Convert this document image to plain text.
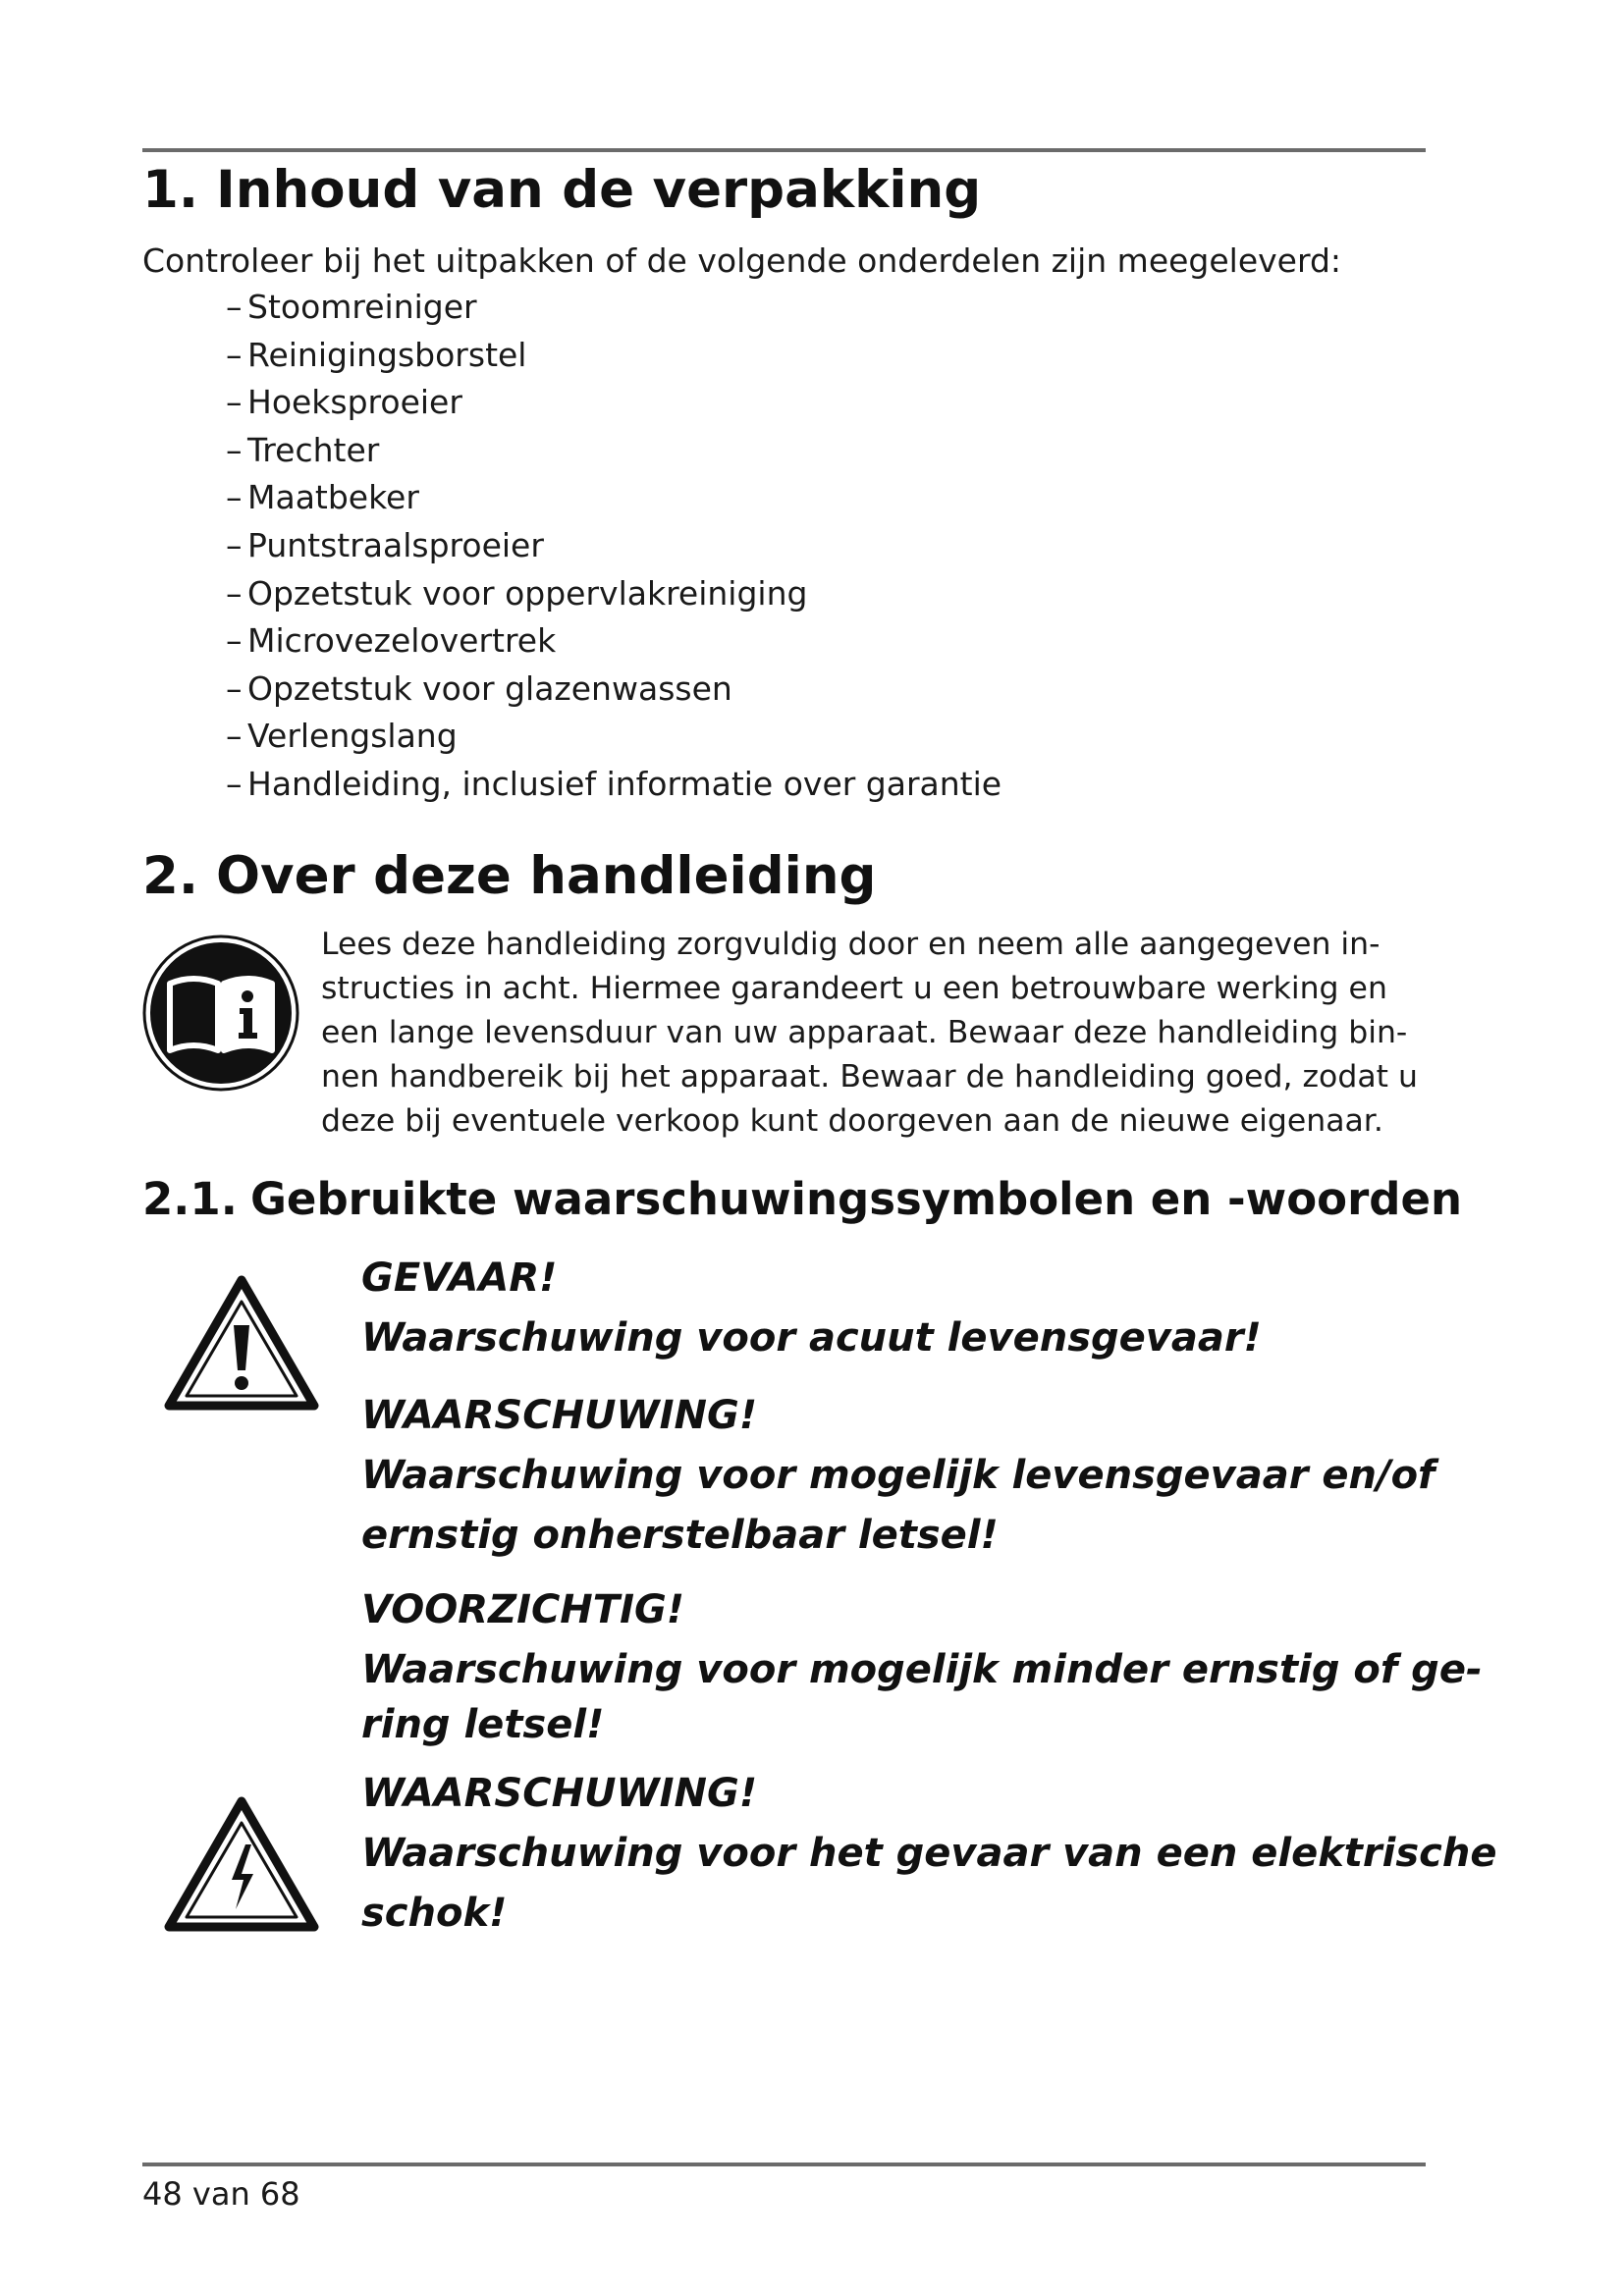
1. Inhoud van de verpakking

Controleer bij het uitpakken of de volgende onderdelen zijn meegeleverd:

– Stoomreiniger
– Reinigingsborstel
– Hoeksproeier
– Trechter
– Maatbeker
– Puntstraalsproeier
– Opzetstuk voor oppervlakreiniging
– Microvezelovertrek
– Opzetstuk voor glazenwassen
– Verlengslang
– Handleiding, inclusief informatie over garantie
2. Over deze handleiding

Lees deze handleiding zorgvuldig door en neem alle aangegeven in-
structies in acht. Hiermee garandeert u een betrouwbare werking en
een lange levensduur van uw apparaat. Bewaar deze handleiding bin-
nen handbereik bij het apparaat. Bewaar de handleiding goed, zodat u
deze bij eventuele verkoop kunt doorgeven aan de nieuwe eigenaar.

2.1. Gebruikte waarschuwingssymbolen en -woorden

GEVAAR!

Waarschuwing voor acuut levensgevaar!

WAARSCHUWING!

Waarschuwing voor mogelijk levensgevaar en/of

ernstig onherstelbaar letsel!

VOORZICHTIG!

Waarschuwing voor mogelijk minder ernstig of ge-

ring letsel!

WAARSCHUWING!

Waarschuwing voor het gevaar van een elektrische

schok!

48 van 68
